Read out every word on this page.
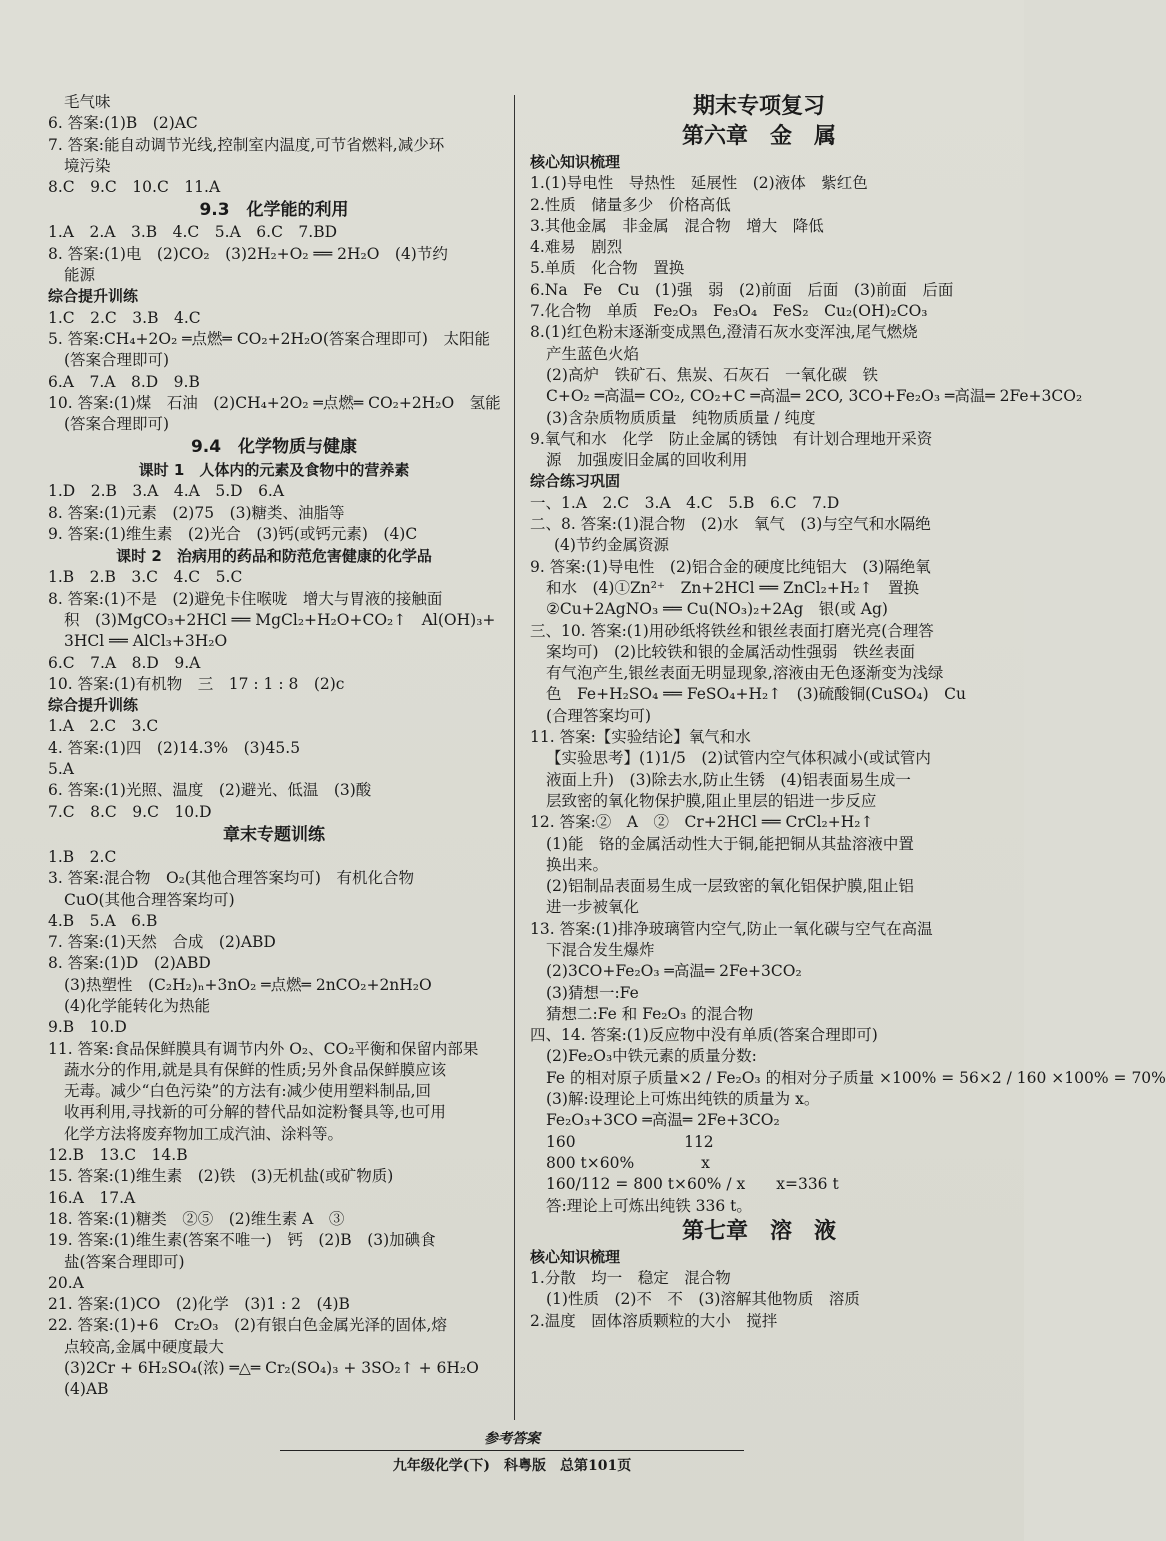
毛气味
6. 答案:(1)B　(2)AC
7. 答案:能自动调节光线,控制室内温度,可节省燃料,减少环
境污染
8.C　9.C　10.C　11.A
9.3　化学能的利用
1.A　2.A　3.B　4.C　5.A　6.C　7.BD
8. 答案:(1)电　(2)CO₂　(3)2H₂+O₂ ══ 2H₂O　(4)节约
能源
综合提升训练
1.C　2.C　3.B　4.C
5. 答案:CH₄+2O₂ ═点燃═ CO₂+2H₂O(答案合理即可)　太阳能
(答案合理即可)
6.A　7.A　8.D　9.B
10. 答案:(1)煤　石油　(2)CH₄+2O₂ ═点燃═ CO₂+2H₂O　氢能
(答案合理即可)
9.4　化学物质与健康
课时 1　人体内的元素及食物中的营养素
1.D　2.B　3.A　4.A　5.D　6.A
8. 答案:(1)元素　(2)75　(3)糖类、油脂等
9. 答案:(1)维生素　(2)光合　(3)钙(或钙元素)　(4)C
课时 2　治病用的药品和防范危害健康的化学品
1.B　2.B　3.C　4.C　5.C
8. 答案:(1)不是　(2)避免卡住喉咙　增大与胃液的接触面
积　(3)MgCO₃+2HCl ══ MgCl₂+H₂O+CO₂↑　Al(OH)₃+
3HCl ══ AlCl₃+3H₂O
6.C　7.A　8.D　9.A
10. 答案:(1)有机物　三　17 : 1 : 8　(2)c
综合提升训练
1.A　2.C　3.C
4. 答案:(1)四　(2)14.3%　(3)45.5
5.A
6. 答案:(1)光照、温度　(2)避光、低温　(3)酸
7.C　8.C　9.C　10.D
章末专题训练
1.B　2.C
3. 答案:混合物　O₂(其他合理答案均可)　有机化合物
CuO(其他合理答案均可)
4.B　5.A　6.B
7. 答案:(1)天然　合成　(2)ABD
8. 答案:(1)D　(2)ABD
(3)热塑性　(C₂H₂)ₙ+3nO₂ ═点燃═ 2nCO₂+2nH₂O
(4)化学能转化为热能
9.B　10.D
11. 答案:食品保鲜膜具有调节内外 O₂、CO₂平衡和保留内部果
蔬水分的作用,就是具有保鲜的性质;另外食品保鲜膜应该
无毒。减少“白色污染”的方法有:减少使用塑料制品,回
收再利用,寻找新的可分解的替代品如淀粉餐具等,也可用
化学方法将废弃物加工成汽油、涂料等。
12.B　13.C　14.B
15. 答案:(1)维生素　(2)铁　(3)无机盐(或矿物质)
16.A　17.A
18. 答案:(1)糖类　②⑤　(2)维生素 A　③
19. 答案:(1)维生素(答案不唯一)　钙　(2)B　(3)加碘食
盐(答案合理即可)
20.A
21. 答案:(1)CO　(2)化学　(3)1 : 2　(4)B
22. 答案:(1)+6　Cr₂O₃　(2)有银白色金属光泽的固体,熔
点较高,金属中硬度最大
(3)2Cr + 6H₂SO₄(浓) ═△═ Cr₂(SO₄)₃ + 3SO₂↑ + 6H₂O
(4)AB
期末专项复习
第六章　金　属
核心知识梳理
1.(1)导电性　导热性　延展性　(2)液体　紫红色
2.性质　储量多少　价格高低
3.其他金属　非金属　混合物　增大　降低
4.难易　剧烈
5.单质　化合物　置换
6.Na　Fe　Cu　(1)强　弱　(2)前面　后面　(3)前面　后面
7.化合物　单质　Fe₂O₃　Fe₃O₄　FeS₂　Cu₂(OH)₂CO₃
8.(1)红色粉末逐渐变成黑色,澄清石灰水变浑浊,尾气燃烧
产生蓝色火焰
(2)高炉　铁矿石、焦炭、石灰石　一氧化碳　铁
C+O₂ ═高温═ CO₂, CO₂+C ═高温═ 2CO, 3CO+Fe₂O₃ ═高温═ 2Fe+3CO₂
(3)含杂质物质质量　纯物质质量 / 纯度
9.氧气和水　化学　防止金属的锈蚀　有计划合理地开采资
源　加强废旧金属的回收利用
综合练习巩固
一、1.A　2.C　3.A　4.C　5.B　6.C　7.D
二、8. 答案:(1)混合物　(2)水　氧气　(3)与空气和水隔绝
(4)节约金属资源
9. 答案:(1)导电性　(2)铝合金的硬度比纯铝大　(3)隔绝氧
和水　(4)①Zn²⁺　Zn+2HCl ══ ZnCl₂+H₂↑　置换
②Cu+2AgNO₃ ══ Cu(NO₃)₂+2Ag　银(或 Ag)
三、10. 答案:(1)用砂纸将铁丝和银丝表面打磨光亮(合理答
案均可)　(2)比较铁和银的金属活动性强弱　铁丝表面
有气泡产生,银丝表面无明显现象,溶液由无色逐渐变为浅绿
色　Fe+H₂SO₄ ══ FeSO₄+H₂↑　(3)硫酸铜(CuSO₄)　Cu
(合理答案均可)
11. 答案:【实验结论】氧气和水
【实验思考】(1)1/5　(2)试管内空气体积减小(或试管内
液面上升)　(3)除去水,防止生锈　(4)铝表面易生成一
层致密的氧化物保护膜,阻止里层的铝进一步反应
12. 答案:②　A　②　Cr+2HCl ══ CrCl₂+H₂↑
(1)能　铬的金属活动性大于铜,能把铜从其盐溶液中置
换出来。
(2)铝制品表面易生成一层致密的氧化铝保护膜,阻止铝
进一步被氧化
13. 答案:(1)排净玻璃管内空气,防止一氧化碳与空气在高温
下混合发生爆炸
(2)3CO+Fe₂O₃ ═高温═ 2Fe+3CO₂
(3)猜想一:Fe
猜想二:Fe 和 Fe₂O₃ 的混合物
四、14. 答案:(1)反应物中没有单质(答案合理即可)
(2)Fe₂O₃中铁元素的质量分数:
Fe 的相对原子质量×2 / Fe₂O₃ 的相对分子质量 ×100% = 56×2 / 160 ×100% = 70%
(3)解:设理论上可炼出纯铁的质量为 x。
Fe₂O₃+3CO ═高温═ 2Fe+3CO₂
160　　　　　　　112
800 t×60%　　　　 x
160/112 = 800 t×60% / x　　x=336 t
答:理论上可炼出纯铁 336 t。
第七章　溶　液
核心知识梳理
1.分散　均一　稳定　混合物
(1)性质　(2)不　不　(3)溶解其他物质　溶质
2.温度　固体溶质颗粒的大小　搅拌
参考答案
九年级化学(下)　科粤版　总第101页
